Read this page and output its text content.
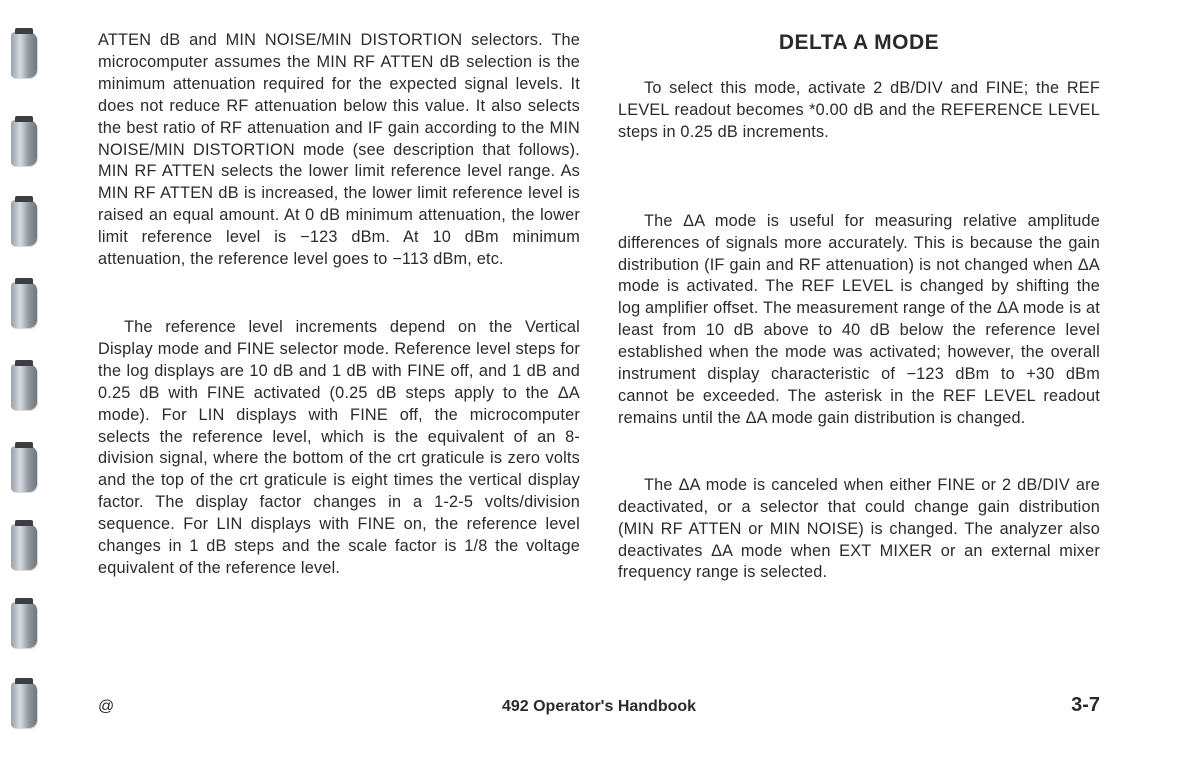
ATTEN dB and MIN NOISE/MIN DISTORTION selectors. The microcomputer assumes the MIN RF ATTEN dB selection is the minimum attenuation required for the expected signal levels. It does not reduce RF attenuation below this value. It also selects the best ratio of RF attenuation and IF gain according to the MIN NOISE/MIN DISTORTION mode (see description that follows). MIN RF ATTEN selects the lower limit reference level range. As MIN RF ATTEN dB is increased, the lower limit reference level is raised an equal amount. At 0 dB minimum attenuation, the lower limit reference level is −123 dBm. At 10 dBm minimum attenuation, the reference level goes to −113 dBm, etc.

The reference level increments depend on the Vertical Display mode and FINE selector mode. Reference level steps for the log displays are 10 dB and 1 dB with FINE off, and 1 dB and 0.25 dB with FINE activated (0.25 dB steps apply to the ΔA mode). For LIN displays with FINE off, the microcomputer selects the reference level, which is the equivalent of an 8-division signal, where the bottom of the crt graticule is zero volts and the top of the crt graticule is eight times the vertical display factor. The display factor changes in a 1-2-5 volts/division sequence. For LIN displays with FINE on, the reference level changes in 1 dB steps and the scale factor is 1/8 the voltage equivalent of the reference level.

DELTA A MODE

To select this mode, activate 2 dB/DIV and FINE; the REF LEVEL readout becomes *0.00 dB and the REFERENCE LEVEL steps in 0.25 dB increments.

The ΔA mode is useful for measuring relative amplitude differences of signals more accurately. This is because the gain distribution (IF gain and RF attenuation) is not changed when ΔA mode is activated. The REF LEVEL is changed by shifting the log amplifier offset. The measurement range of the ΔA mode is at least from 10 dB above to 40 dB below the reference level established when the mode was activated; however, the overall instrument display characteristic of −123 dBm to +30 dBm cannot be exceeded. The asterisk in the REF LEVEL readout remains until the ΔA mode gain distribution is changed.

The ΔA mode is canceled when either FINE or 2 dB/DIV are deactivated, or a selector that could change gain distribution (MIN RF ATTEN or MIN NOISE) is changed. The analyzer also deactivates ΔA mode when EXT MIXER or an external mixer frequency range is selected.

@	492 Operator's Handbook	3-7
